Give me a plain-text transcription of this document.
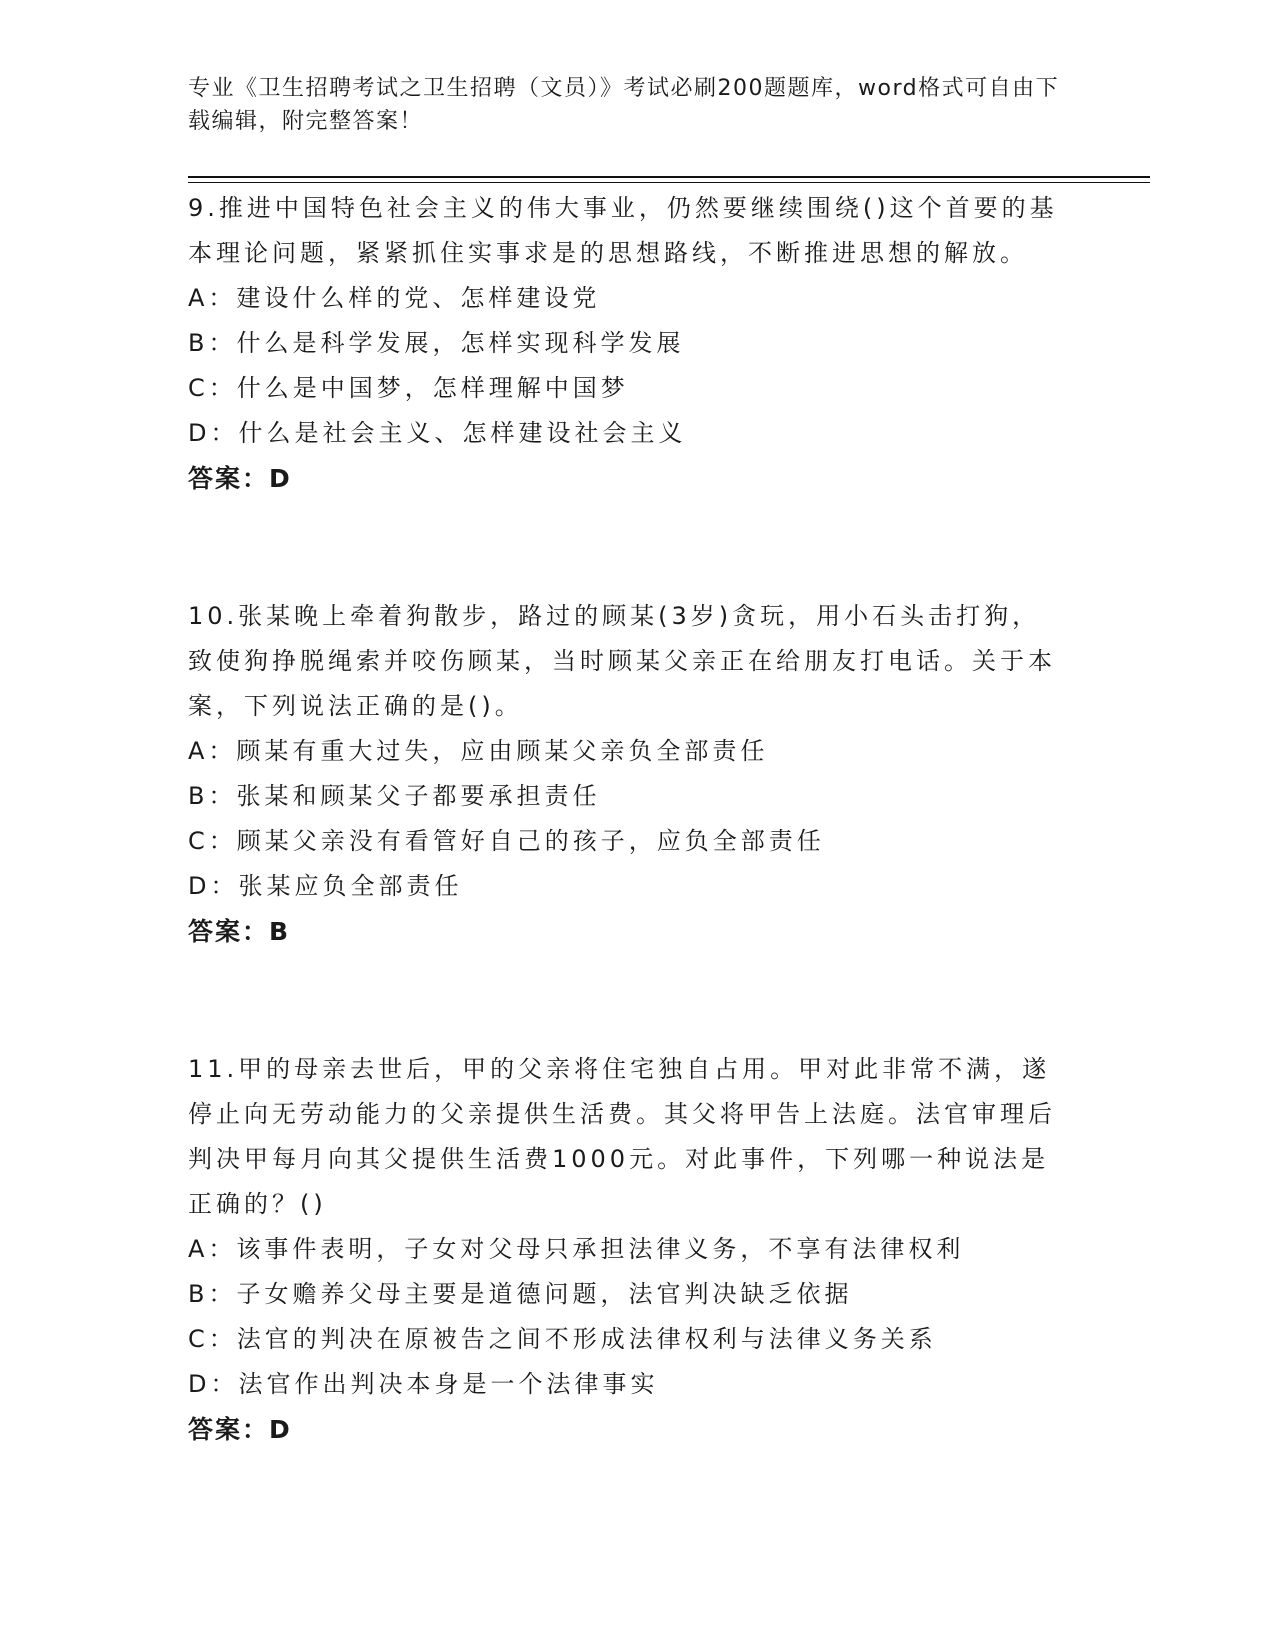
专业《卫生招聘考试之卫生招聘（文员）》考试必刷200题题库，word格式可自由下载编辑，附完整答案！

9.推进中国特色社会主义的伟大事业，仍然要继续围绕()这个首要的基本理论问题，紧紧抓住实事求是的思想路线，不断推进思想的解放。

A：建设什么样的党、怎样建设党

B：什么是科学发展，怎样实现科学发展

C：什么是中国梦，怎样理解中国梦

D：什么是社会主义、怎样建设社会主义

答案：D

10.张某晚上牵着狗散步，路过的顾某(3岁)贪玩，用小石头击打狗，致使狗挣脱绳索并咬伤顾某，当时顾某父亲正在给朋友打电话。关于本案，下列说法正确的是()。

A：顾某有重大过失，应由顾某父亲负全部责任

B：张某和顾某父子都要承担责任

C：顾某父亲没有看管好自己的孩子，应负全部责任

D：张某应负全部责任

答案：B

11.甲的母亲去世后，甲的父亲将住宅独自占用。甲对此非常不满，遂停止向无劳动能力的父亲提供生活费。其父将甲告上法庭。法官审理后判决甲每月向其父提供生活费1000元。对此事件，下列哪一种说法是正确的？()

A：该事件表明，子女对父母只承担法律义务，不享有法律权利

B：子女赡养父母主要是道德问题，法官判决缺乏依据

C：法官的判决在原被告之间不形成法律权利与法律义务关系

D：法官作出判决本身是一个法律事实

答案：D
